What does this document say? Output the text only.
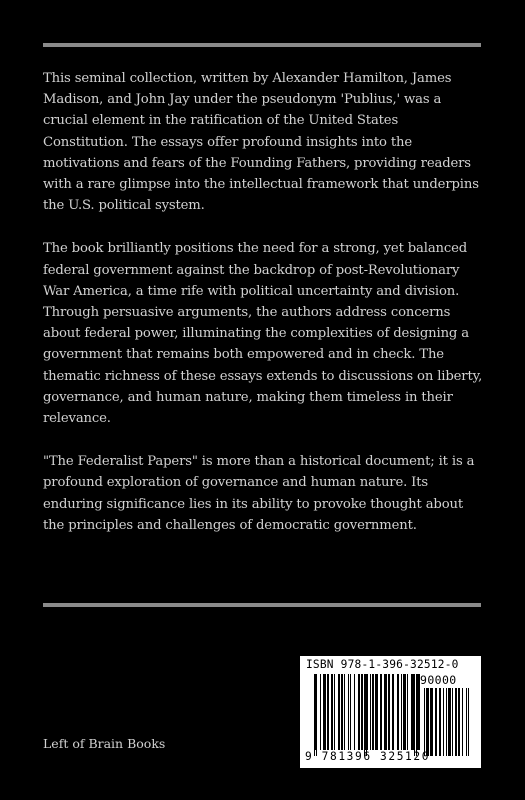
This seminal collection, written by Alexander Hamilton, James Madison, and John Jay under the pseudonym 'Publius,' was a crucial element in the ratification of the United States Constitution. The essays offer profound insights into the motivations and fears of the Founding Fathers, providing readers with a rare glimpse into the intellectual framework that underpins the U.S. political system.

The book brilliantly positions the need for a strong, yet balanced federal government against the backdrop of post-Revolutionary War America, a time rife with political uncertainty and division. Through persuasive arguments, the authors address concerns about federal power, illuminating the complexities of designing a government that remains both empowered and in check. The thematic richness of these essays extends to discussions on liberty, governance, and human nature, making them timeless in their relevance.

"The Federalist Papers" is more than a historical document; it is a profound exploration of governance and human nature. Its enduring significance lies in its ability to provoke thought about the principles and challenges of democratic government.

Left of Brain Books
ISBN 978-1-396-32512-0
90000
9 781396 325120
